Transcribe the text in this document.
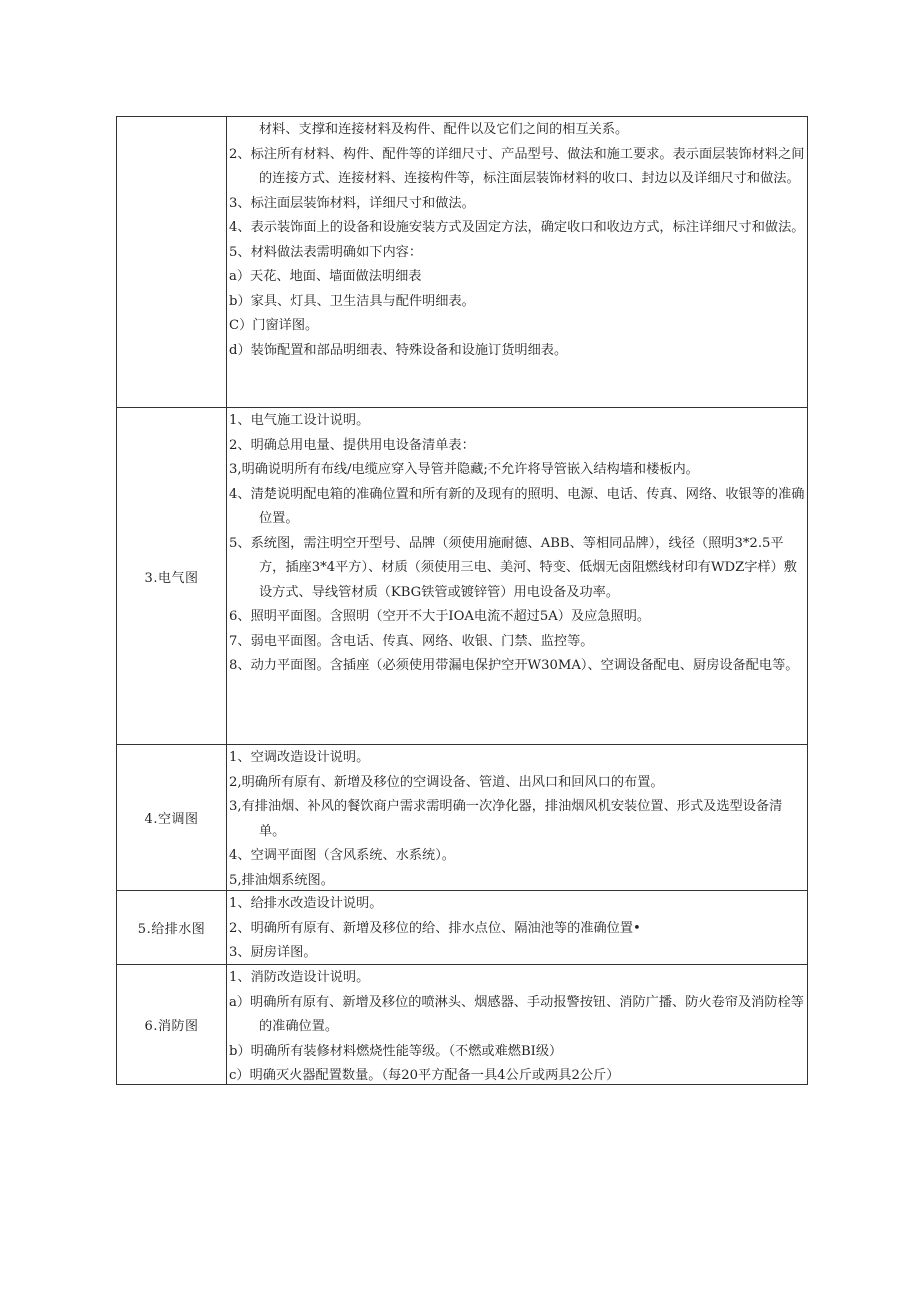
材料、支撑和连接材料及构件、配件以及它们之间的相互关系。
2、标注所有材料、构件、配件等的详细尺寸、产品型号、做法和施工要求。表示面层装饰材料之间的连接方式、连接材料、连接构件等，标注面层装饰材料的收口、封边以及详细尺寸和做法。
3、标注面层装饰材料，详细尺寸和做法。
4、表示装饰面上的设备和设施安装方式及固定方法，确定收口和收边方式，标注详细尺寸和做法。
5、材料做法表需明确如下内容：
a）天花、地面、墙面做法明细表
b）家具、灯具、卫生洁具与配件明细表。
C）门窗详图。
d）装饰配置和部品明细表、特殊设备和设施订货明细表。
3.电气图
1、电气施工设计说明。
2、明确总用电量、提供用电设备清单表：
3,明确说明所有布线/电缆应穿入导管并隐藏;不允许将导管嵌入结构墙和楼板内。
4、清楚说明配电箱的准确位置和所有新的及现有的照明、电源、电话、传真、网络、收银等的准确位置。
5、系统图，需注明空开型号、品牌（须使用施耐德、ABB、等相同品牌），线径（照明3*2.5平方，插座3*4平方）、材质（须使用三电、美河、特变、低烟无卤阻燃线材印有WDZ字样）敷设方式、导线管材质（KBG铁管或镀锌管）用电设备及功率。
6、照明平面图。含照明（空开不大于IOA电流不超过5A）及应急照明。
7、弱电平面图。含电话、传真、网络、收银、门禁、监控等。
8、动力平面图。含插座（必须使用带漏电保护空开W30MA）、空调设备配电、厨房设备配电等。
4.空调图
1、空调改造设计说明。
2,明确所有原有、新增及移位的空调设备、管道、出风口和回风口的布置。
3,有排油烟、补风的餐饮商户需求需明确一次净化器，排油烟风机安装位置、形式及选型设备清单。
4、空调平面图（含风系统、水系统）。
5,排油烟系统图。
5.给排水图
1、给排水改造设计说明。
2、明确所有原有、新增及移位的给、排水点位、隔油池等的准确位置•
3、厨房详图。
6.消防图
1、消防改造设计说明。
a）明确所有原有、新增及移位的喷淋头、烟感器、手动报警按钮、消防广播、防火卷帘及消防栓等的准确位置。
b）明确所有装修材料燃烧性能等级。（不燃或难燃BI级）
c）明确灭火器配置数量。（每20平方配备一具4公斤或两具2公斤）
